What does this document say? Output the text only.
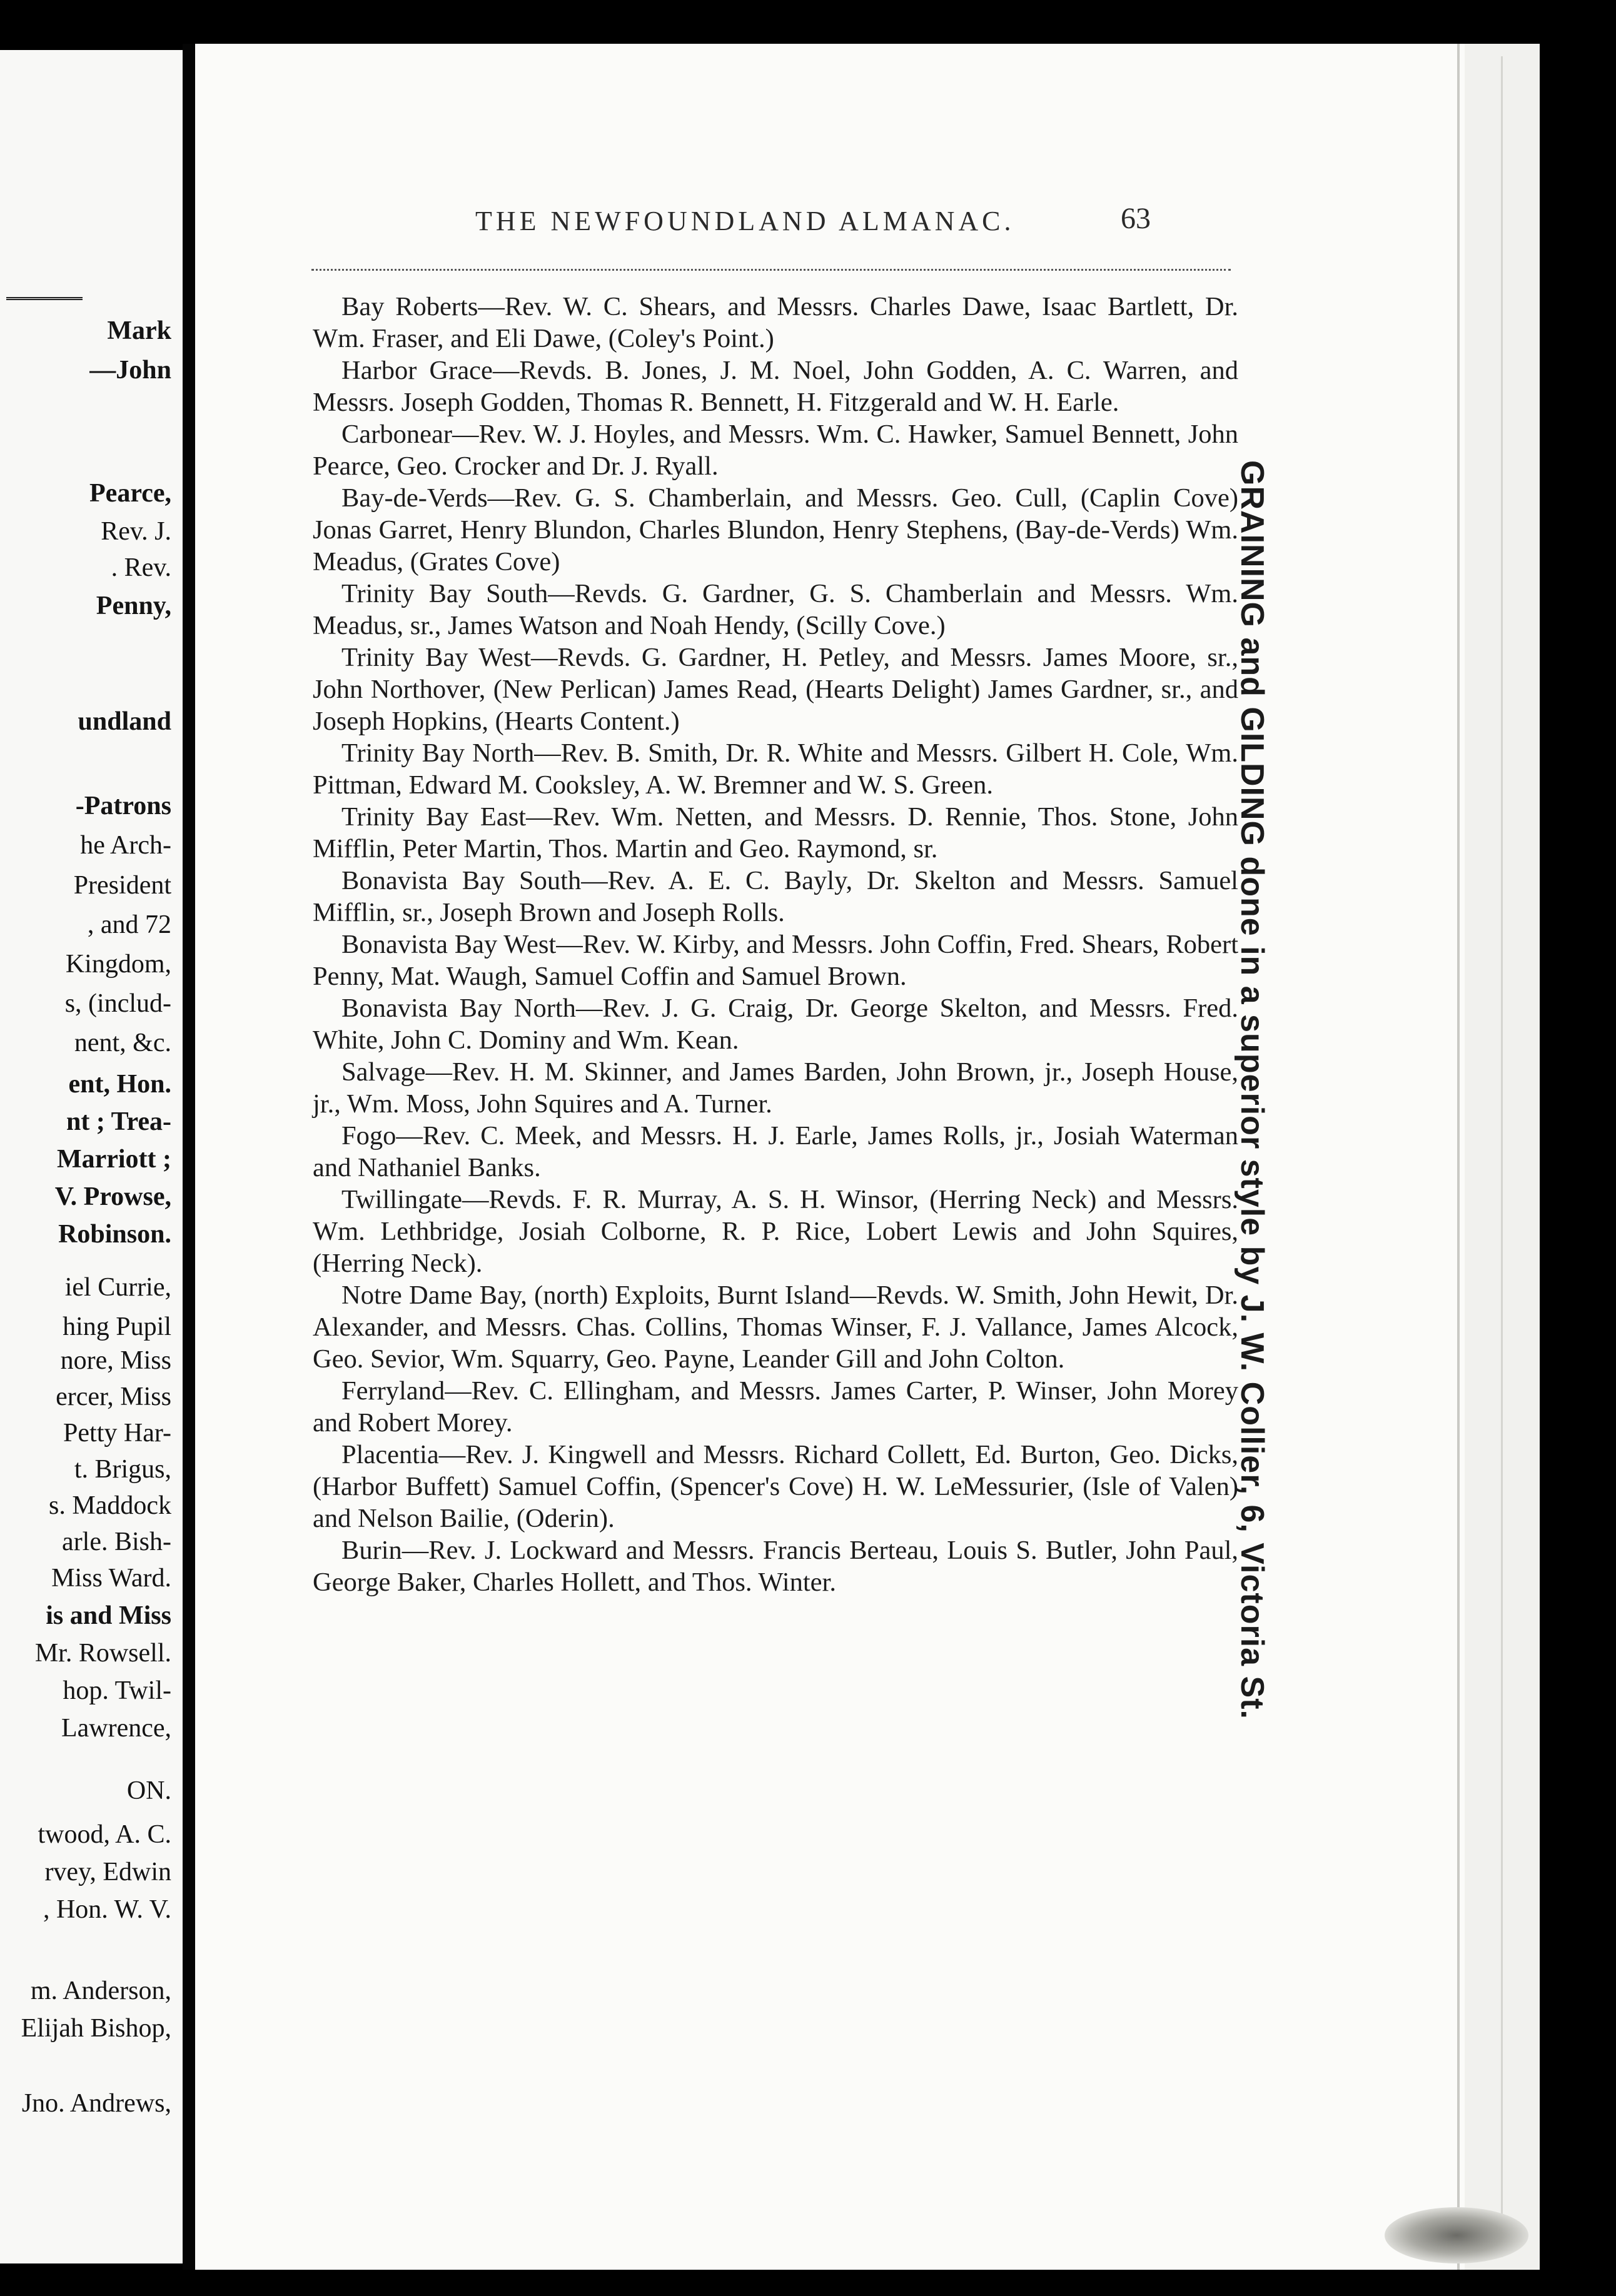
Mark
—John
Pearce,
Rev. J.
. Rev.
Penny,
undland
-Patrons
he Arch-
President
, and 72
Kingdom,
s, (includ-
nent, &c.
ent, Hon.
nt ; Trea-
Marriott ;
V. Prowse,
Robinson.
iel Currie,
hing Pupil
nore, Miss
ercer, Miss
Petty Har-
t. Brigus,
s. Maddock
arle. Bish-
Miss Ward.
is and Miss
Mr. Rowsell.
hop. Twil-
Lawrence,
ON.
twood, A. C.
rvey, Edwin
, Hon. W. V.
m. Anderson,
Elijah Bishop,
Jno. Andrews,
THE NEWFOUNDLAND ALMANAC.	63

Bay Roberts—Rev. W. C. Shears, and Messrs. Charles Dawe, Isaac Bartlett, Dr. Wm. Fraser, and Eli Dawe, (Coley's Point.)

Harbor Grace—Revds. B. Jones, J. M. Noel, John Godden, A. C. Warren, and Messrs. Joseph Godden, Thomas R. Bennett, H. Fitzgerald and W. H. Earle.

Carbonear—Rev. W. J. Hoyles, and Messrs. Wm. C. Hawker, Samuel Bennett, John Pearce, Geo. Crocker and Dr. J. Ryall.

Bay-de-Verds—Rev. G. S. Chamberlain, and Messrs. Geo. Cull, (Caplin Cove) Jonas Garret, Henry Blundon, Charles Blundon, Henry Stephens, (Bay-de-Verds) Wm. Meadus, (Grates Cove)

Trinity Bay South—Revds. G. Gardner, G. S. Chamberlain and Messrs. Wm. Meadus, sr., James Watson and Noah Hendy, (Scilly Cove.)

Trinity Bay West—Revds. G. Gardner, H. Petley, and Messrs. James Moore, sr., John Northover, (New Perlican) James Read, (Hearts Delight) James Gardner, sr., and Joseph Hopkins, (Hearts Content.)

Trinity Bay North—Rev. B. Smith, Dr. R. White and Messrs. Gilbert H. Cole, Wm. Pittman, Edward M. Cooksley, A. W. Bremner and W. S. Green.

Trinity Bay East—Rev. Wm. Netten, and Messrs. D. Rennie, Thos. Stone, John Mifflin, Peter Martin, Thos. Martin and Geo. Raymond, sr.

Bonavista Bay South—Rev. A. E. C. Bayly, Dr. Skelton and Messrs. Samuel Mifflin, sr., Joseph Brown and Joseph Rolls.

Bonavista Bay West—Rev. W. Kirby, and Messrs. John Coffin, Fred. Shears, Robert Penny, Mat. Waugh, Samuel Coffin and Samuel Brown.

Bonavista Bay North—Rev. J. G. Craig, Dr. George Skelton, and Messrs. Fred. White, John C. Dominy and Wm. Kean.

Salvage—Rev. H. M. Skinner, and James Barden, John Brown, jr., Joseph House, jr., Wm. Moss, John Squires and A. Turner.

Fogo—Rev. C. Meek, and Messrs. H. J. Earle, James Rolls, jr., Josiah Waterman and Nathaniel Banks.

Twillingate—Revds. F. R. Murray, A. S. H. Winsor, (Herring Neck) and Messrs. Wm. Lethbridge, Josiah Colborne, R. P. Rice, Lobert Lewis and John Squires, (Herring Neck).

Notre Dame Bay, (north) Exploits, Burnt Island—Revds. W. Smith, John Hewit, Dr. Alexander, and Messrs. Chas. Collins, Thomas Winser, F. J. Vallance, James Alcock, Geo. Sevior, Wm. Squarry, Geo. Payne, Leander Gill and John Colton.

Ferryland—Rev. C. Ellingham, and Messrs. James Carter, P. Winser, John Morey and Robert Morey.

Placentia—Rev. J. Kingwell and Messrs. Richard Collett, Ed. Burton, Geo. Dicks, (Harbor Buffett) Samuel Coffin, (Spencer's Cove) H. W. LeMessurier, (Isle of Valen) and Nelson Bailie, (Oderin).

Burin—Rev. J. Lockward and Messrs. Francis Berteau, Louis S. Butler, John Paul, George Baker, Charles Hollett, and Thos. Winter.	GRAINING and GILDING done in a superior style by J. W. Collier, 6, Victoria St.
